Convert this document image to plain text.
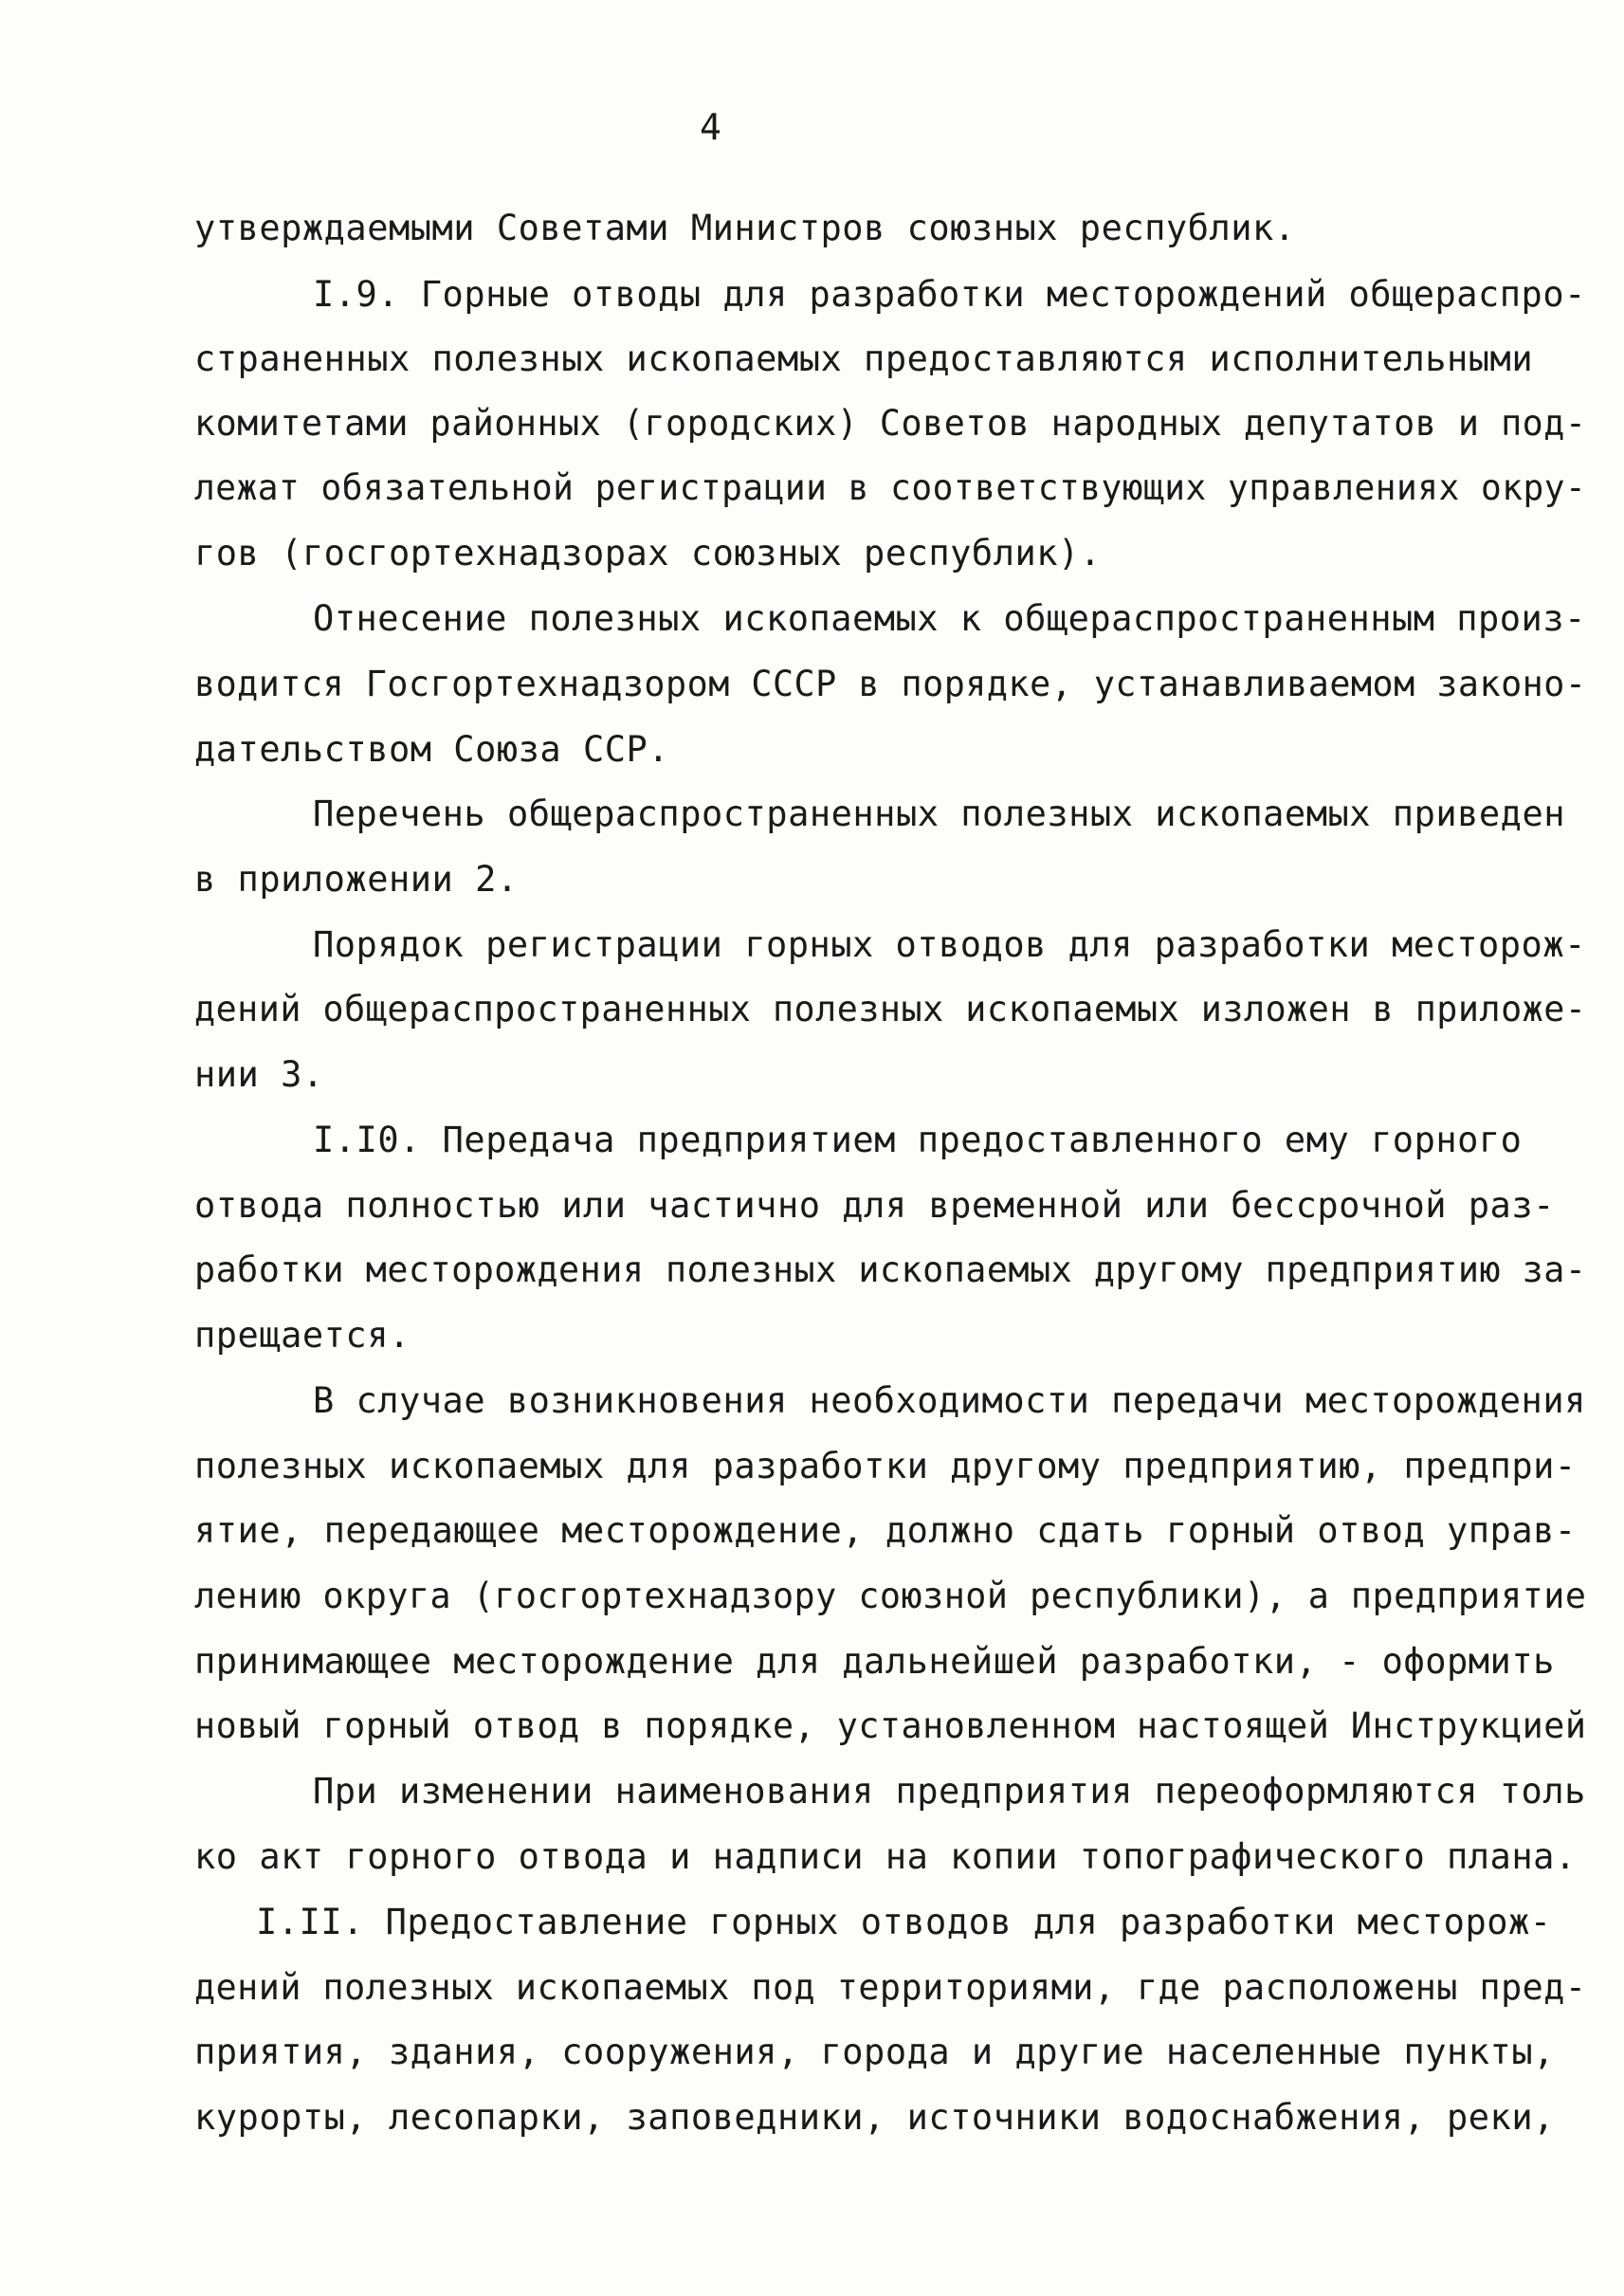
4
утверждаемыми Советами Министров союзных республик.
I.9. Горные отводы для разработки месторождений общераспро-
страненных полезных ископаемых предоставляются исполнительными
комитетами районных (городских) Советов народных депутатов и под-
лежат обязательной регистрации в соответствующих управлениях окру-
гов (госгортехнадзорах союзных республик).
Отнесение полезных ископаемых к общераспространенным произ-
водится Госгортехнадзором СССР в порядке, устанавливаемом законо-
дательством Союза ССР.
Перечень общераспространенных полезных ископаемых приведен
в приложении 2.
Порядок регистрации горных отводов для разработки месторож-
дений общераспространенных полезных ископаемых изложен в приложе-
нии 3.
I.I0. Передача предприятием предоставленного ему горного
отвода полностью или частично для временной или бессрочной раз-
работки месторождения полезных ископаемых другому предприятию за-
прещается.
В случае возникновения необходимости передачи месторождения
полезных ископаемых для разработки другому предприятию, предпри-
ятие, передающее месторождение, должно сдать горный отвод управ-
лению округа (госгортехнадзору союзной республики), а предприятие
принимающее месторождение для дальнейшей разработки, - оформить
новый горный отвод в порядке, установленном настоящей Инструкцией
При изменении наименования предприятия переоформляются толь
ко акт горного отвода и надписи на копии топографического плана.
I.II. Предоставление горных отводов для разработки месторож-
дений полезных ископаемых под территориями, где расположены пред-
приятия, здания, сооружения, города и другие населенные пункты,
курорты, лесопарки, заповедники, источники водоснабжения, реки,
